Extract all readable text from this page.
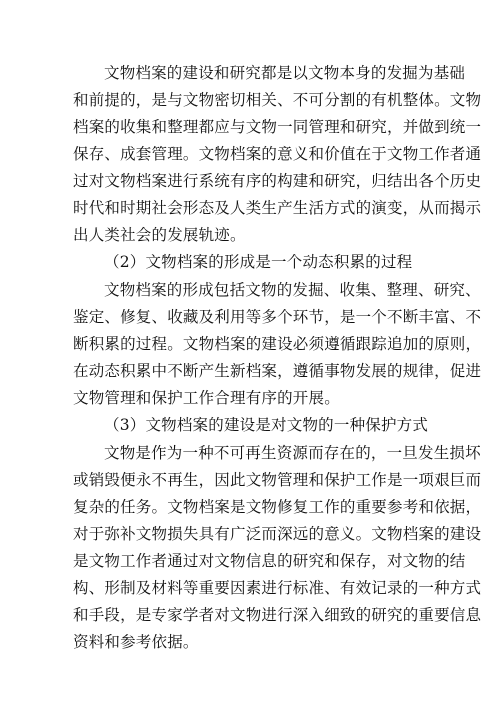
文物档案的建设和研究都是以文物本身的发掘为基础
和前提的，是与文物密切相关、不可分割的有机整体。文物
档案的收集和整理都应与文物一同管理和研究，并做到统一
保存、成套管理。文物档案的意义和价值在于文物工作者通
过对文物档案进行系统有序的构建和研究，归结出各个历史
时代和时期社会形态及人类生产生活方式的演变，从而揭示
出人类社会的发展轨迹。
（2）文物档案的形成是一个动态积累的过程
文物档案的形成包括文物的发掘、收集、整理、研究、
鉴定、修复、收藏及利用等多个环节，是一个不断丰富、不
断积累的过程。文物档案的建设必须遵循跟踪追加的原则，
在动态积累中不断产生新档案，遵循事物发展的规律，促进
文物管理和保护工作合理有序的开展。
（3）文物档案的建设是对文物的一种保护方式
文物是作为一种不可再生资源而存在的，一旦发生损坏
或销毁便永不再生，因此文物管理和保护工作是一项艰巨而
复杂的任务。文物档案是文物修复工作的重要参考和依据，
对于弥补文物损失具有广泛而深远的意义。文物档案的建设
是文物工作者通过对文物信息的研究和保存，对文物的结
构、形制及材料等重要因素进行标准、有效记录的一种方式
和手段，是专家学者对文物进行深入细致的研究的重要信息
资料和参考依据。
